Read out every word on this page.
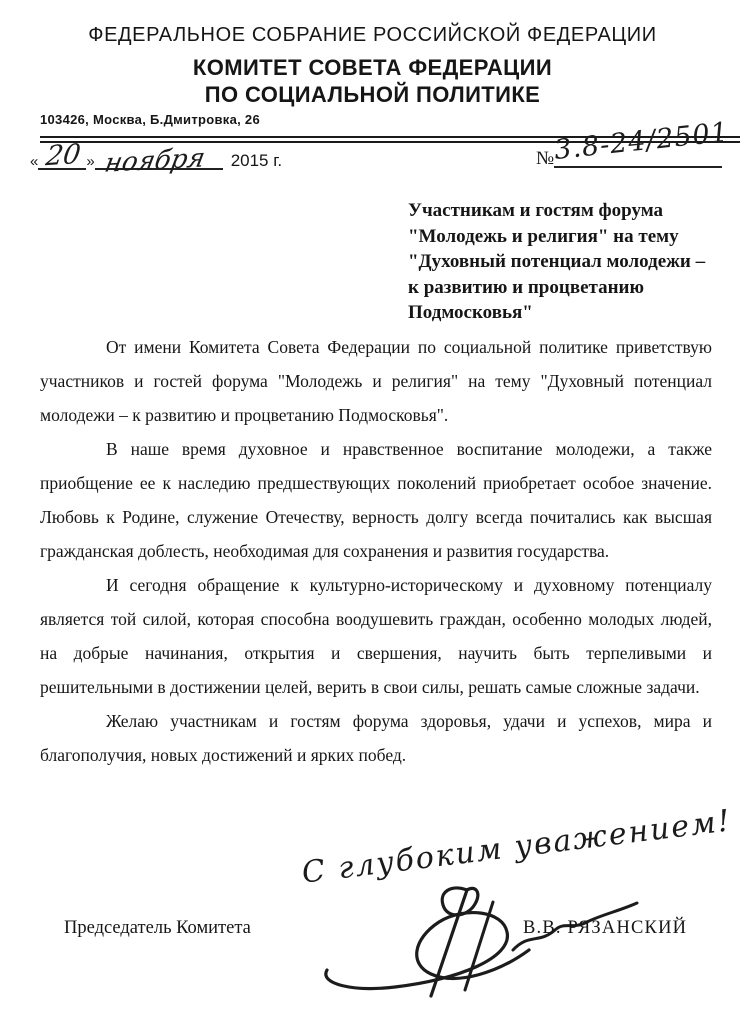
ФЕДЕРАЛЬНОЕ СОБРАНИЕ РОССИЙСКОЙ ФЕДЕРАЦИИ
КОМИТЕТ СОВЕТА ФЕДЕРАЦИИ
ПО СОЦИАЛЬНОЙ ПОЛИТИКЕ
103426, Москва, Б.Дмитровка, 26
« 20 » ноября 2015 г.	№
3.8-24/2501
Участникам и гостям форума
"Молодежь и религия" на тему
"Духовный потенциал молодежи –
к развитию и процветанию
Подмосковья"

От имени Комитета Совета Федерации по социальной политике приветствую участников и гостей форума "Молодежь и религия" на тему "Духовный потенциал молодежи – к развитию и процветанию Подмосковья".

В наше время духовное и нравственное воспитание молодежи, а также приобщение ее к наследию предшествующих поколений приобретает особое значение. Любовь к Родине, служение Отечеству, верность долгу всегда почитались как высшая гражданская доблесть, необходимая для сохранения и развития государства.

И сегодня обращение к культурно-историческому и духовному потенциалу является той силой, которая способна воодушевить граждан, особенно молодых людей, на добрые начинания, открытия и свершения, научить быть терпеливыми и решительными в достижении целей, верить в свои силы, решать самые сложные задачи.

Желаю участникам и гостям форума здоровья, удачи и успехов, мира и благополучия, новых достижений и ярких побед.

С глубоким уважением!
Председатель Комитета	В.В. РЯЗАНСКИЙ
